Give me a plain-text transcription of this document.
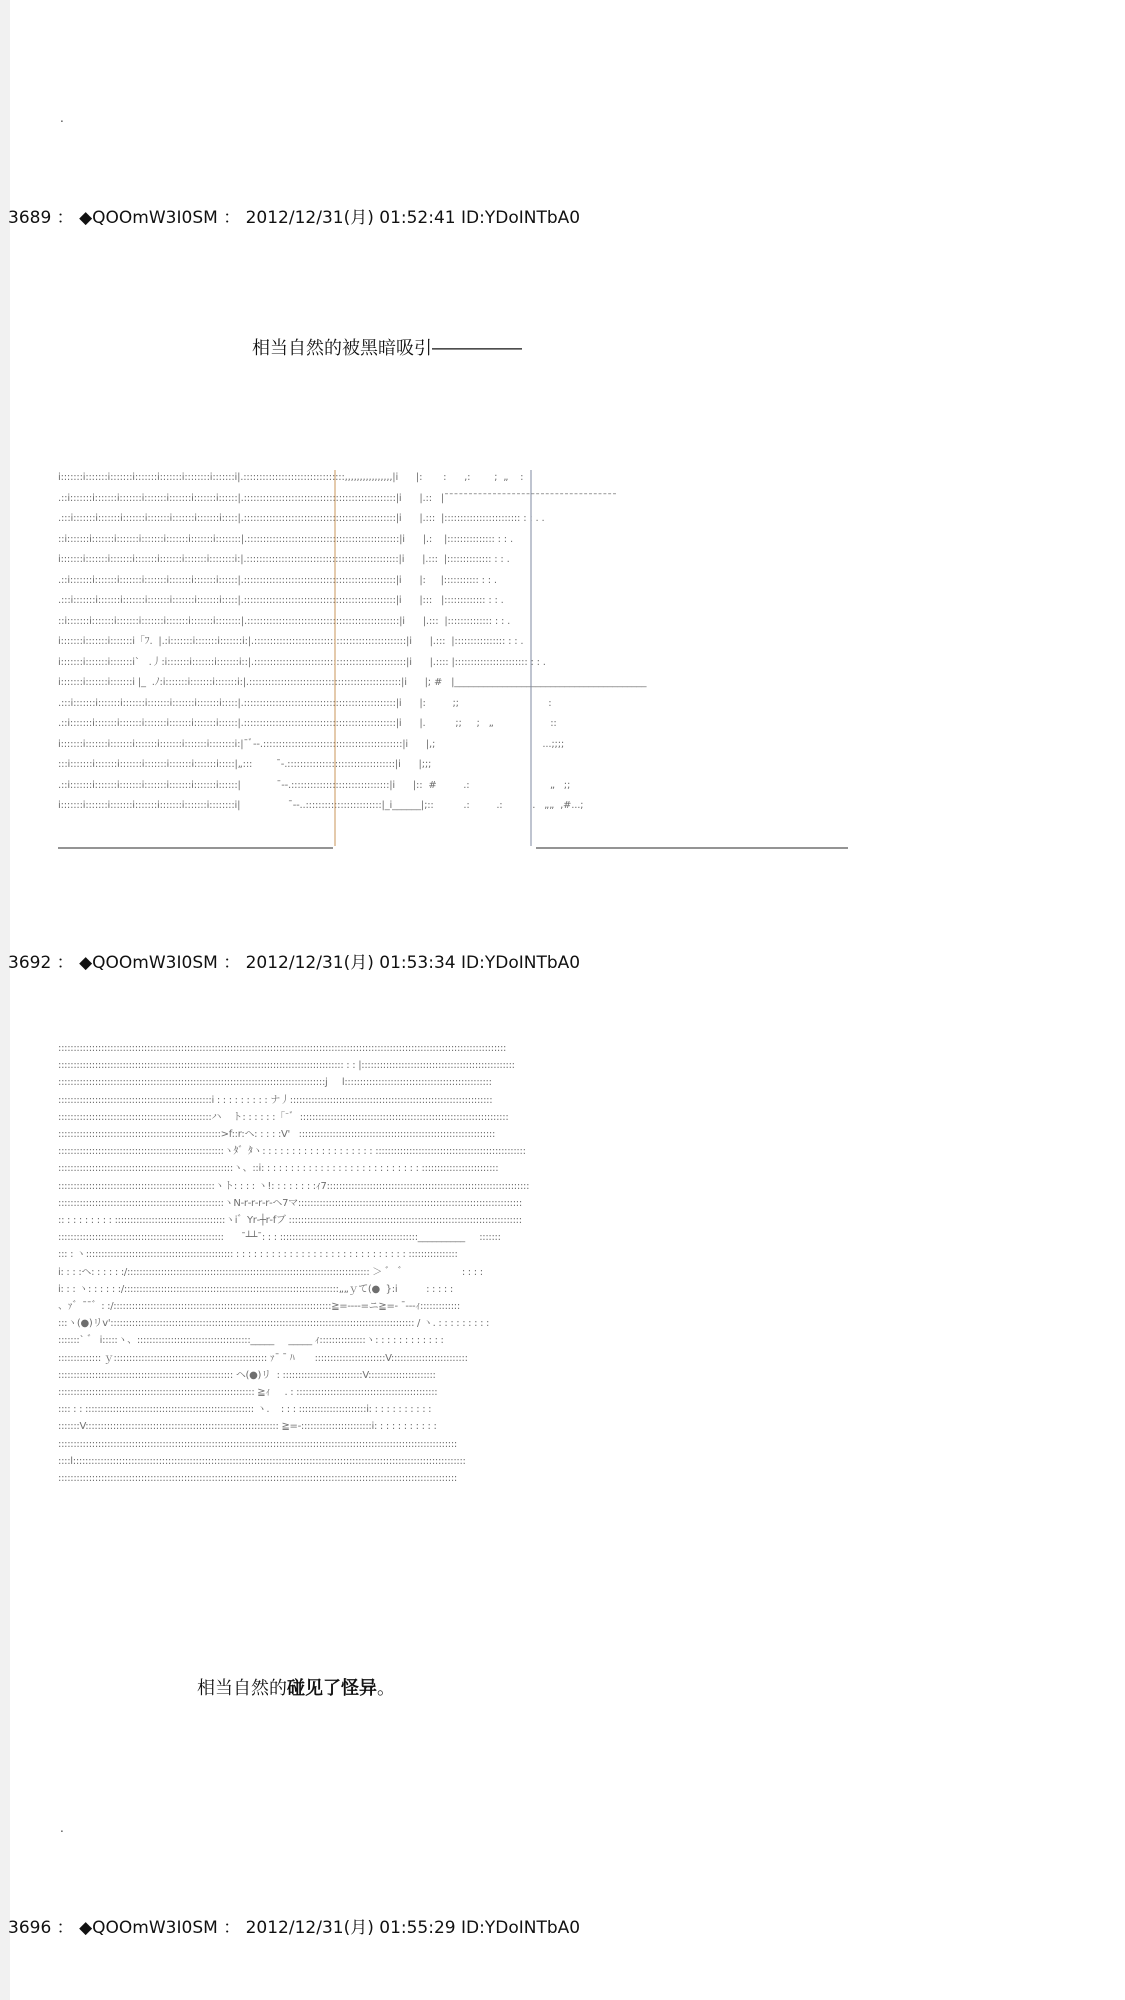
.
3689 ： ◆QOOmW3I0SM ： 2012/12/31(月) 01:52:41 ID:YDoINTbA0
相当自然的被黑暗吸引―――――
i:::::::i:::::::i:::::::i:::::::i:::::::i::::::::i:::::::i|.::::::::::::::::::::::::::::::::,,,,,,,,,,,,,,,,|i      |:       :      ,:        ;  „    :
.::i:::::::i:::::::i:::::::i:::::::i:::::::i:::::::i::::::|.::::::::::::::::::::::::::::::::::::::::::::::::|i      |.::   |¯¯¯¯¯¯¯¯¯¯¯¯¯¯¯¯¯¯¯¯¯¯¯¯¯¯¯¯¯¯¯¯¯¯¯¯
.:::i:::::::i:::::::i:::::::i:::::::i:::::::i:::::::i:::::|.::::::::::::::::::::::::::::::::::::::::::::::::|i      |.:::  |:::::::::::::::::::::::: : : . .
::i:::::::i:::::::i:::::::i:::::::i:::::::i:::::::i::::::::|.::::::::::::::::::::::::::::::::::::::::::::::::|i      |.:    |::::::::::::::: : : .
i:::::::i:::::::i:::::::i:::::::i:::::::i:::::::i::::::::i:|.::::::::::::::::::::::::::::::::::::::::::::::::|i      |.:::  |:::::::::::::: : : .
.::i:::::::i:::::::i:::::::i:::::::i:::::::i:::::::i::::::|.::::::::::::::::::::::::::::::::::::::::::::::::|i      |:     |::::::::::: : : .
.:::i:::::::i:::::::i:::::::i:::::::i:::::::i:::::::i:::::|.::::::::::::::::::::::::::::::::::::::::::::::::|i      |:::   |::::::::::::: : : .
::i:::::::i:::::::i:::::::i:::::::i:::::::i:::::::i::::::::|.::::::::::::::::::::::::::::::::::::::::::::::::|i      |.:::  |:::::::::::::: : : .
i:::::::i:::::::i:::::::i「ﾌ.  |.:i:::::::i:::::::i:::::::i:|.::::::::::::::::::::::::::::::::::::::::::::::::|i      |.:::  |:::::::::::::::: : : .
i:::::::i:::::::i:::::::i`   .丿:i:::::::i:::::::i:::::::i::|.::::::::::::::::::::::::::::::::::::::::::::::::|i      |.:::: |::::::::::::::::::::::: : : .
i:::::::i:::::::i:::::::i |_  .ﾉ:i:::::::i:::::::i:::::::i:|.::::::::::::::::::::::::::::::::::::::::::::::::|i      |; #   |________________________________________
.:::i:::::::i:::::::i:::::::i:::::::i:::::::i:::::::i:::::|.::::::::::::::::::::::::::::::::::::::::::::::::|i      |:         ;;                              :
.::i:::::::i:::::::i:::::::i:::::::i:::::::i:::::::i::::::|.::::::::::::::::::::::::::::::::::::::::::::::::|i      |.          ;;     ;   „                   ::
i:::::::i:::::::i:::::::i:::::::i:::::::i:::::::i::::::::i:|¯ﾞ‐-.::::::::::::::::::::::::::::::::::::::::::::|i      |,;                                    ...;;;;
:::i:::::::i:::::::i:::::::i:::::::i:::::::i:::::::i:::::|„:::        ¯‐.::::::::::::::::::::::::::::::::::|i      |;;;
.::i:::::::i:::::::i:::::::i:::::::i:::::::i:::::::i::::::|            ¯‐-.:::::::::::::::::::::::::::::::|i      |::  #         .:                           „   ;;
i:::::::i:::::::i:::::::i:::::::i:::::::i:::::::i::::::::i|                ¯‐-..::::::::::::::::::::::::|_i______|;::          .:         .:          .   „„  ,#...;
3692 ： ◆QOOmW3I0SM ： 2012/12/31(月) 01:53:34 ID:YDoINTbA0
::::::::::::::::::::::::::::::::::::::::::::::::::::::::::::::::::::::::::::::::::::::::::::::::::::::::::::::::::::::::::::::::::::::::::::::::::
::::::::::::::::::::::::::::::::::::::::::::::::::::::::::::::::::::::::::::::::::::::::::::: : : |::::::::::::::::::::::::::::::::::::::::::::::::::
:::::::::::::::::::::::::::::::::::::::::::::::::::::::::::::::::::::::::::::::::::::::j     l::::::::::::::::::::::::::::::::::::::::::::::::
::::::::::::::::::::::::::::::::::::::::::::::::::i : : : : : : : : : ナ丿::::::::::::::::::::::::::::::::::::::::::::::::::::::::::::::::::
::::::::::::::::::::::::::::::::::::::::::::::::::ハ    ト: : : : : :「¯ﾞ  ::::::::::::::::::::::::::::::::::::::::::::::::::::::::::::::::::::
:::::::::::::::::::::::::::::::::::::::::::::::::::::>f::r:ヘ: : : : :V'   ::::::::::::::::::::::::::::::::::::::::::::::::::::::::::::::::
::::::::::::::::::::::::::::::::::::::::::::::::::::::ヽﾀ゛ﾀヽ: : : : : : : : : : : : : : : : : : : :::::::::::::::::::::::::::::::::::::::::::::::::
:::::::::::::::::::::::::::::::::::::::::::::::::::::::::ヽ、::i: : : : : : : : : : : : : : : : : : : : : : : : : : : :::::::::::::::::::::::::
:::::::::::::::::::::::::::::::::::::::::::::::::::ヽト: : : : ヽ!: : : : : : : :ｨ7::::::::::::::::::::::::::::::::::::::::::::::::::::::::::::::::::
::::::::::::::::::::::::::::::::::::::::::::::::::::::ヽN‐r‐r‐r‐r‐ヘ7マ:::::::::::::::::::::::::::::::::::::::::::::::::::::::::::::::::::::::::
:: : : : : : : : : ::::::::::::::::::::::::::::::::::::ヽi゛Yr‐┼r‐fブ ::::::::::::::::::::::::::::::::::::::::::::::::::::::::::::::::::::::::::::
::::::::::::::::::::::::::::::::::::::::::::::::::::::      ¯┴┴¯: : : :::::::::::::::::::::::::::::::::::::::::::::__________     :::::::
::: : ヽ:::::::::::::::::::::::::::::::::::::::::::::::: : : : : : : : : : : : : : : : : : : : : : : : : : : : : : ::::::::::::::::
i: : : :ヘ: : : : : :/::::::::::::::::::::::::::::::::::::::::::::::::::::::::::::::::::::::::::::::: ＞ ゛ ゛                   : : : :
i: : : ヽ: : : : : :/::::::::::::::::::::::::::::::::::::::::::::::::::::::::::::::::::::::„„ｙて(●  }:i          : : : : :
、ｧ゛¯¯゛: :/:::::::::::::::::::::::::::::::::::::::::::::::::::::::::::::::::::::::≧=‐-‐-=ニ≧=‐ ¯‐‐‐ｨ:::::::::::::
:::ヽ(●)リv'::::::::::::::::::::::::::::::::::::::::::::::::::::::::::::::::::::::::::::::::::::::::::::::::::: / ヽ. : : : : : : : : :
:::::::` ゛ i:::::ヽ、:::::::::::::::::::::::::::::::::::::_____     _____ ｨ:::::::::::::::ヽ: : : : : : : : : : : :
:::::::::::::: ｙ:::::::::::::::::::::::::::::::::::::::::::::::::: ｧ¯ ¯ ﾊ       :::::::::::::::::::::::V:::::::::::::::::::::::::
::::::::::::::::::::::::::::::::::::::::::::::::::::::::: ヘ(●)リ  : ::::::::::::::::::::::::::V::::::::::::::::::::::
:::::::::::::::::::::::::::::::::::::::::::::::::::::::::::::::: ≧ｨ     . : ::::::::::::::::::::::::::::::::::::::::::::::
:::: : : ::::::::::::::::::::::::::::::::::::::::::::::::::::::: ヽ.    : : : ::::::::::::::::::::::i: : : : : : : : : : :
:::::::V::::::::::::::::::::::::::::::::::::::::::::::::::::::::::::::: ≧=‐:::::::::::::::::::::::i: : : : : : : : : : :
::::::::::::::::::::::::::::::::::::::::::::::::::::::::::::::::::::::::::::::::::::::::::::::::::::::::::::::::::::::::::::::::::
::::l::::::::::::::::::::::::::::::::::::::::::::::::::::::::::::::::::::::::::::::::::::::::::::::::::::::::::::::::::::::::::::::::
::::::::::::::::::::::::::::::::::::::::::::::::::::::::::::::::::::::::::::::::::::::::::::::::::::::::::::::::::::::::::::::::::
相当自然的碰见了怪异。
.
3696 ： ◆QOOmW3I0SM ： 2012/12/31(月) 01:55:29 ID:YDoINTbA0
